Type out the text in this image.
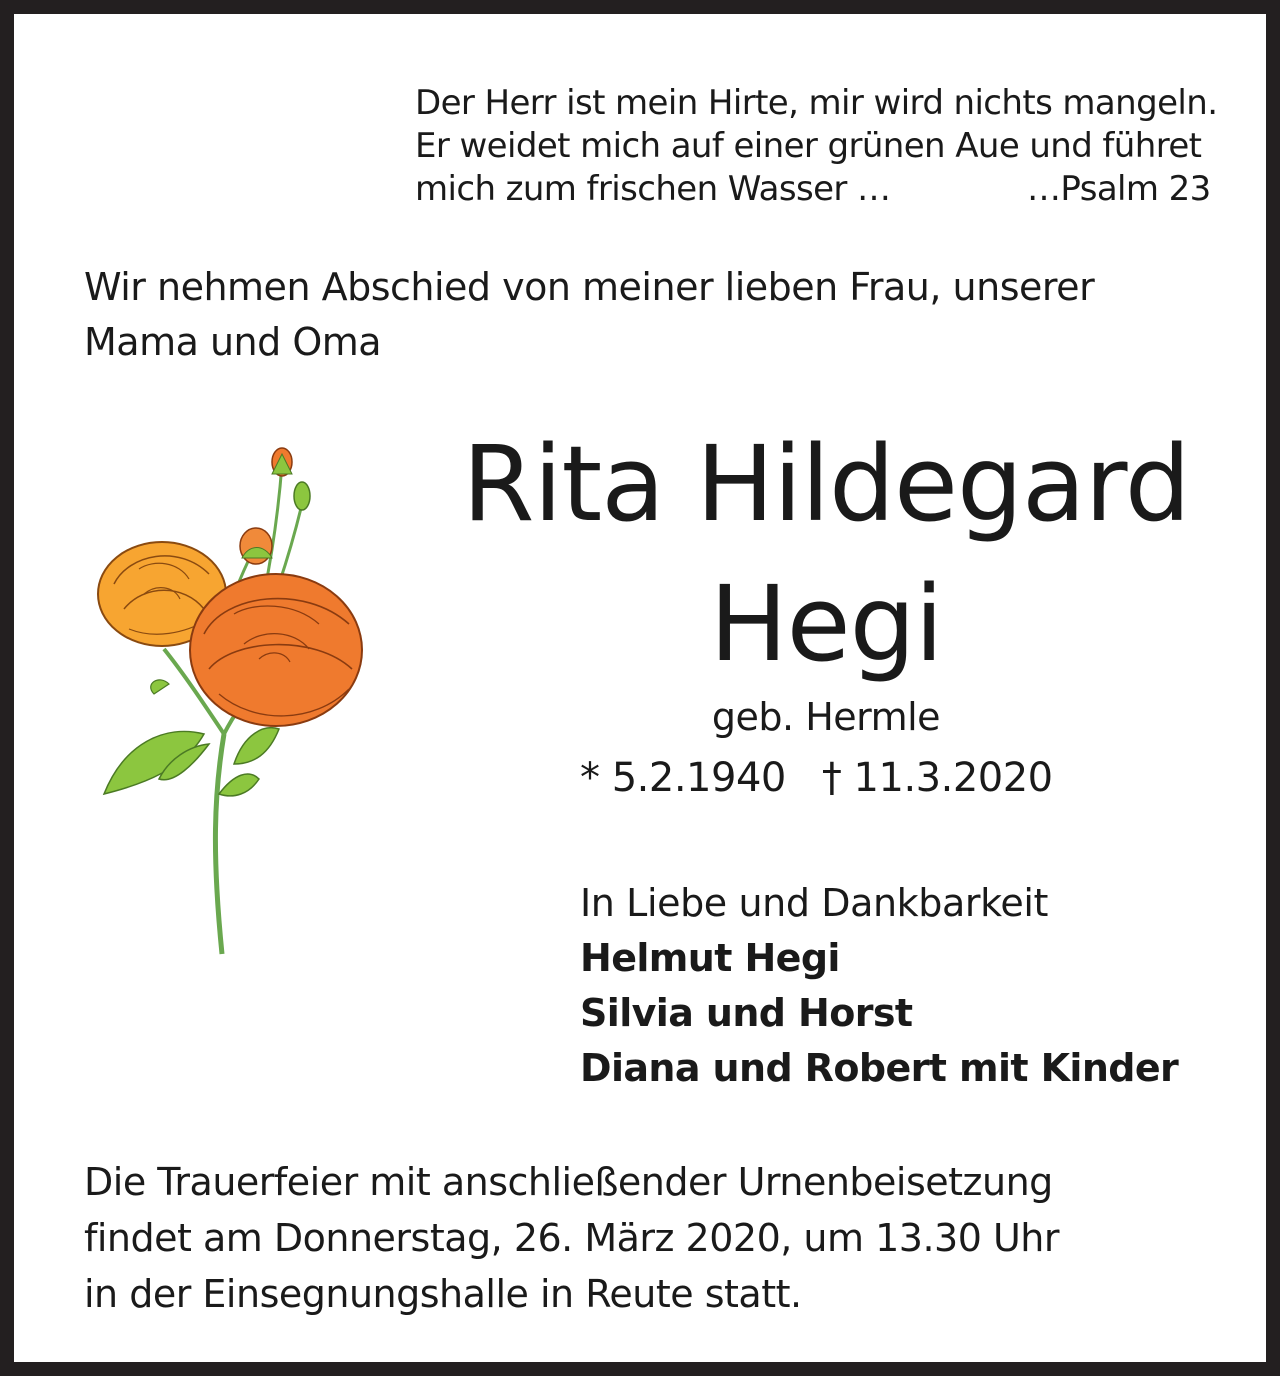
Der Herr ist mein Hirte, mir wird nichts mangeln.
Er weidet mich auf einer grünen Aue und führet
mich zum frischen Wasser …	…Psalm 23
Wir nehmen Abschied von meiner lieben Frau, unserer
Mama und Oma
Rita Hildegard
Hegi
geb. Hermle
* 5.2.1940 † 11.3.2020
In Liebe und Dankbarkeit
Helmut Hegi
Silvia und Horst
Diana und Robert mit Kinder
Die Trauerfeier mit anschließender Urnenbeisetzung
findet am Donnerstag, 26. März 2020, um 13.30 Uhr
in der Einsegnungshalle in Reute statt.
